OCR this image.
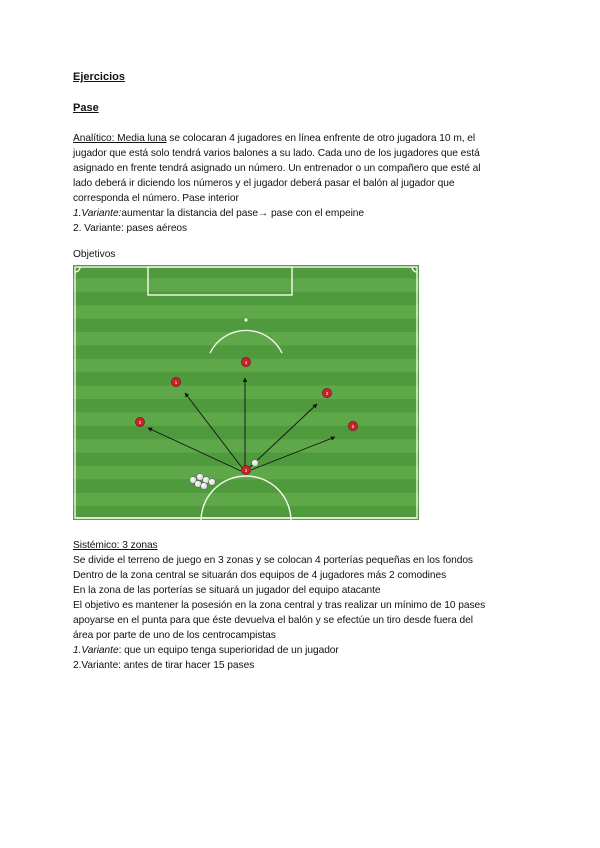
Ejercicios
Pase
Analítico: Media luna se colocaran 4 jugadores en línea enfrente de otro jugadora 10 m, el
jugador que está solo tendrá varios balones a su lado. Cada uno de los jugadores que está
asignado en frente tendrá asignado un número. Un entrenador o un compañero que esté al
lado deberá ir diciendo los números y el jugador deberá pasar el balón al jugador que
corresponda el número. Pase interior
1.Variante:aumentar la distancia del pase→ pase con el empeine
2. Variante: pases aéreos
Objetivos
2
1
2
3
4
5
Sistémico: 3 zonas
Se divide el terreno de juego en 3 zonas y se colocan 4 porterías pequeñas en los fondos
Dentro de la zona central se situarán dos equipos de 4 jugadores más 2 comodines
En la zona de las porterías se situará un jugador del equipo atacante
El objetivo es mantener la posesión en la zona central y tras realizar un mínimo de 10 pases
apoyarse en el punta para que éste devuelva el balón y se efectúe un tiro desde fuera del
área por parte de uno de los centrocampistas
1.Variante: que un equipo tenga superioridad de un jugador
2.Variante: antes de tirar hacer 15 pases
